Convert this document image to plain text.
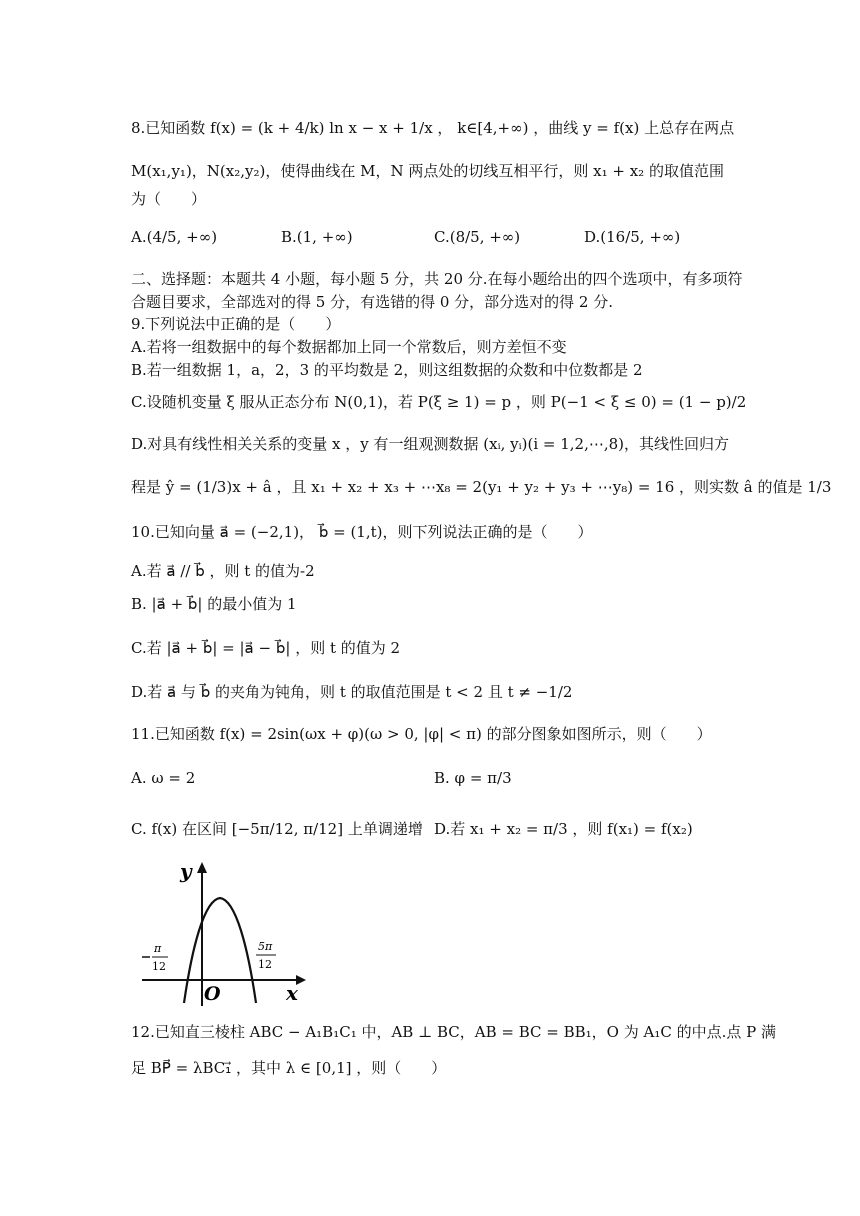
8.已知函数 f(x) = (k + 4/k) ln x − x + 1/x ， k∈[4,+∞) ，曲线 y = f(x) 上总存在两点
M(x₁,y₁)，N(x₂,y₂)，使得曲线在 M，N 两点处的切线互相平行，则 x₁ + x₂ 的取值范围
为（　　）
A.(4/5, +∞)	B.(1, +∞)	C.(8/5, +∞)	D.(16/5, +∞)
二、选择题：本题共 4 小题，每小题 5 分，共 20 分.在每小题给出的四个选项中，有多项符
合题目要求，全部选对的得 5 分，有选错的得 0 分，部分选对的得 2 分.
9.下列说法中正确的是（　　）
A.若将一组数据中的每个数据都加上同一个常数后，则方差恒不变
B.若一组数据 1，a，2，3 的平均数是 2，则这组数据的众数和中位数都是 2
C.设随机变量 ξ 服从正态分布 N(0,1)，若 P(ξ ≥ 1) = p ，则 P(−1 < ξ ≤ 0) = (1 − p)/2
D.对具有线性相关关系的变量 x ，y 有一组观测数据 (xᵢ, yᵢ)(i = 1,2,⋯,8)，其线性回归方
程是 ŷ = (1/3)x + â ，且 x₁ + x₂ + x₃ + ⋯x₈ = 2(y₁ + y₂ + y₃ + ⋯y₈) = 16 ，则实数 â 的值是 1/3
10.已知向量 a⃗ = (−2,1)， b⃗ = (1,t)，则下列说法正确的是（　　）
A.若 a⃗ // b⃗ ，则 t 的值为-2
B. |a⃗ + b⃗| 的最小值为 1
C.若 |a⃗ + b⃗| = |a⃗ − b⃗| ，则 t 的值为 2
D.若 a⃗ 与 b⃗ 的夹角为钝角，则 t 的取值范围是 t < 2 且 t ≠ −1/2
11.已知函数 f(x) = 2sin(ωx + φ)(ω > 0, |φ| < π) 的部分图象如图所示，则（　　）
A. ω = 2	B. φ = π/3
C. f(x) 在区间 [−5π/12, π/12] 上单调递增 D.若 x₁ + x₂ = π/3 ，则 f(x₁) = f(x₂)
y
x
O
π
12
5π
12
12.已知直三棱柱 ABC − A₁B₁C₁ 中，AB ⊥ BC，AB = BC = BB₁，O 为 A₁C 的中点.点 P 满
足 BP⃗ = λBC₁⃗ ，其中 λ ∈ [0,1] ，则（　　）
